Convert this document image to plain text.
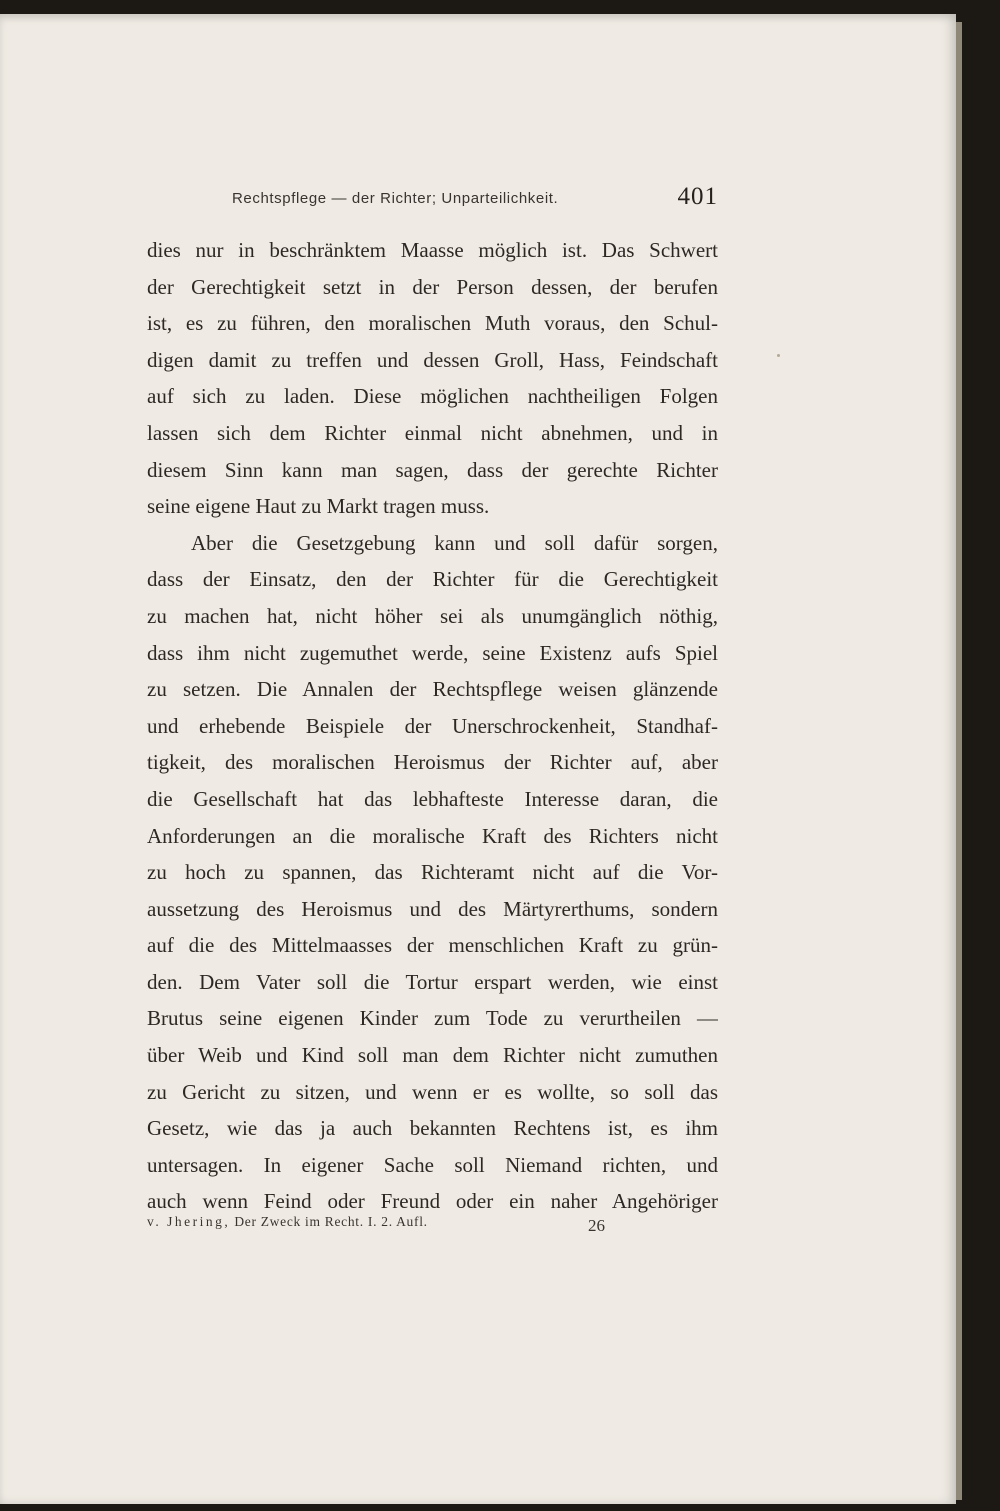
Rechtspflege — der Richter; Unparteilichkeit.	401
dies nur in beschränktem Maasse möglich ist. Das Schwert
der Gerechtigkeit setzt in der Person dessen, der berufen
ist, es zu führen, den moralischen Muth voraus, den Schul-
digen damit zu treffen und dessen Groll, Hass, Feindschaft
auf sich zu laden. Diese möglichen nachtheiligen Folgen
lassen sich dem Richter einmal nicht abnehmen, und in
diesem Sinn kann man sagen, dass der gerechte Richter
seine eigene Haut zu Markt tragen muss.
Aber die Gesetzgebung kann und soll dafür sorgen,
dass der Einsatz, den der Richter für die Gerechtigkeit
zu machen hat, nicht höher sei als unumgänglich nöthig,
dass ihm nicht zugemuthet werde, seine Existenz aufs Spiel
zu setzen. Die Annalen der Rechtspflege weisen glänzende
und erhebende Beispiele der Unerschrockenheit, Standhaf-
tigkeit, des moralischen Heroismus der Richter auf, aber
die Gesellschaft hat das lebhafteste Interesse daran, die
Anforderungen an die moralische Kraft des Richters nicht
zu hoch zu spannen, das Richteramt nicht auf die Vor-
aussetzung des Heroismus und des Märtyrerthums, sondern
auf die des Mittelmaasses der menschlichen Kraft zu grün-
den. Dem Vater soll die Tortur erspart werden, wie einst
Brutus seine eigenen Kinder zum Tode zu verurtheilen —
über Weib und Kind soll man dem Richter nicht zumuthen
zu Gericht zu sitzen, und wenn er es wollte, so soll das
Gesetz, wie das ja auch bekannten Rechtens ist, es ihm
untersagen. In eigener Sache soll Niemand richten, und
auch wenn Feind oder Freund oder ein naher Angehöriger
v. Jhering, Der Zweck im Recht. I. 2. Aufl.	26
